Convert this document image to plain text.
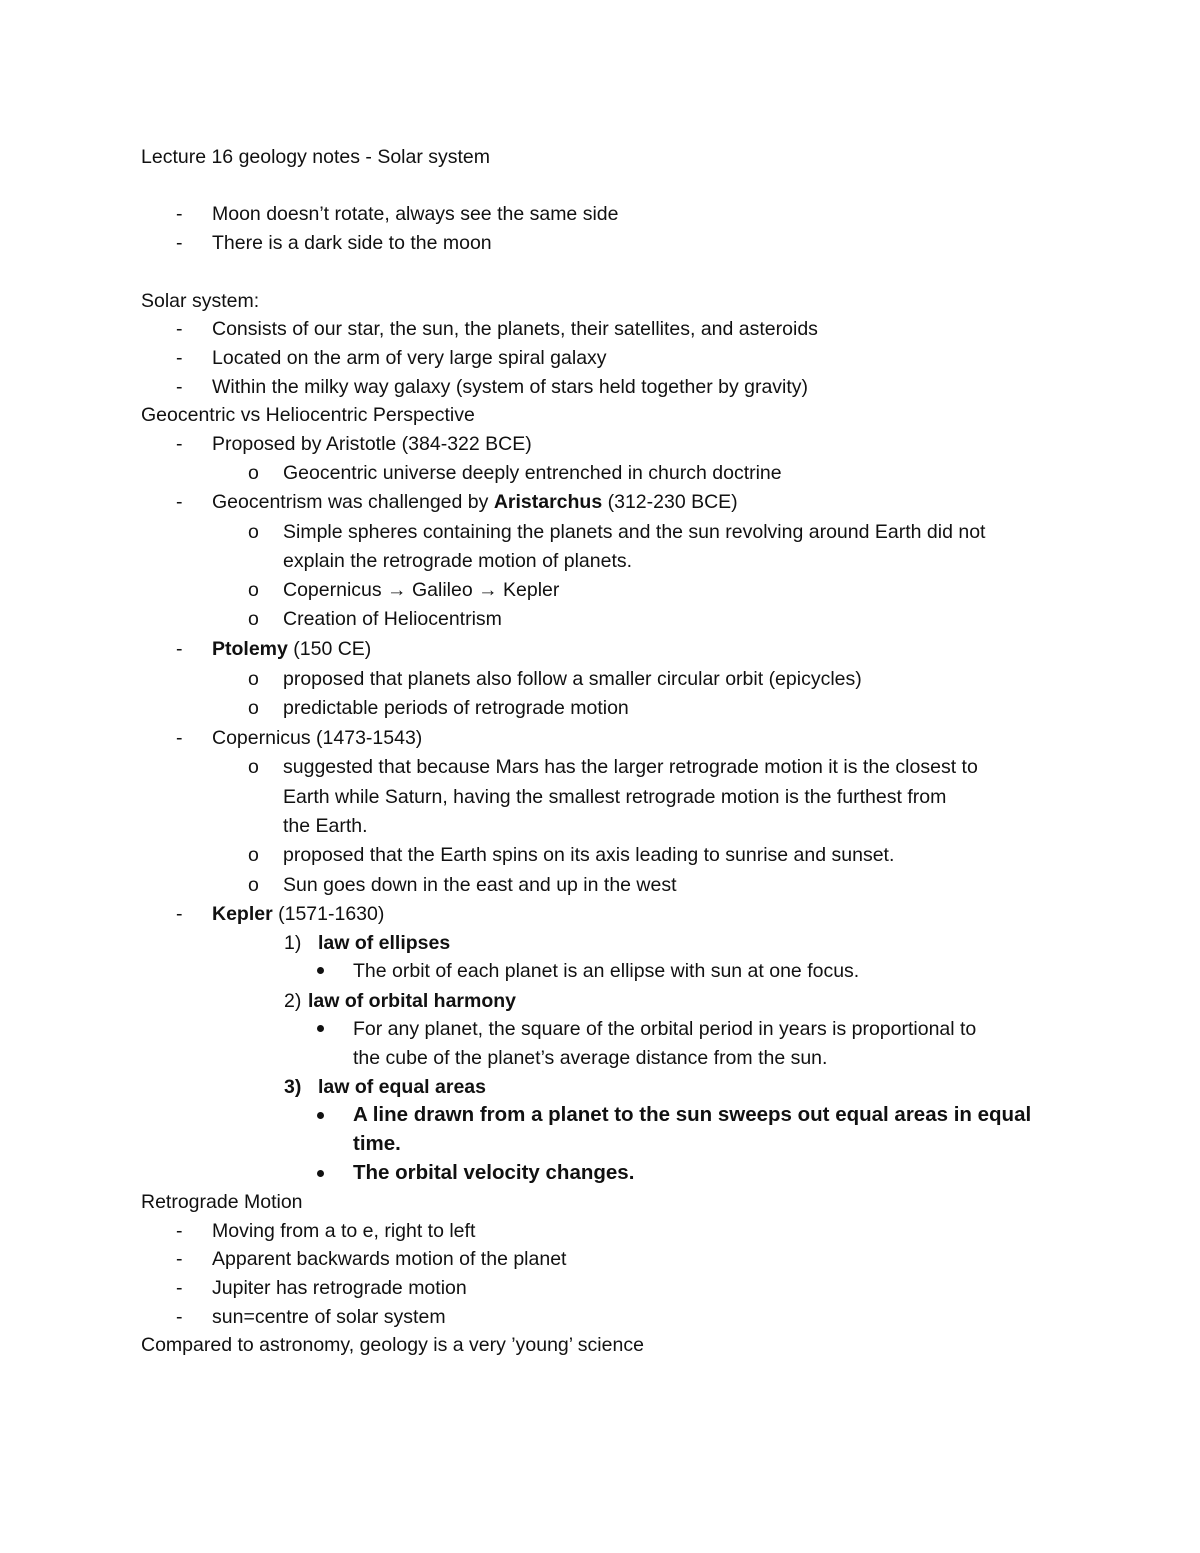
Lecture 16 geology notes - Solar system
- Moon doesn’t rotate, always see the same side
- There is a dark side to the moon
Solar system:
- Consists of our star, the sun, the planets, their satellites, and asteroids
- Located on the arm of very large spiral galaxy
- Within the milky way galaxy (system of stars held together by gravity)
Geocentric vs Heliocentric Perspective
- Proposed by Aristotle (384-322 BCE)
o Geocentric universe deeply entrenched in church doctrine
- Geocentrism was challenged by Aristarchus (312-230 BCE)
o Simple spheres containing the planets and the sun revolving around Earth did not
explain the retrograde motion of planets.
o Copernicus → Galileo → Kepler
o Creation of Heliocentrism
- Ptolemy (150 CE)
o proposed that planets also follow a smaller circular orbit (epicycles)
o predictable periods of retrograde motion
- Copernicus (1473-1543)
o suggested that because Mars has the larger retrograde motion it is the closest to
Earth while Saturn, having the smallest retrograde motion is the furthest from
the Earth.
o proposed that the Earth spins on its axis leading to sunrise and sunset.
o Sun goes down in the east and up in the west
- Kepler (1571-1630)
1) law of ellipses
The orbit of each planet is an ellipse with sun at one focus.
2) law of orbital harmony
For any planet, the square of the orbital period in years is proportional to
the cube of the planet’s average distance from the sun.
3) law of equal areas
A line drawn from a planet to the sun sweeps out equal areas in equal
time.
The orbital velocity changes.
Retrograde Motion
- Moving from a to e, right to left
- Apparent backwards motion of the planet
- Jupiter has retrograde motion
- sun=centre of solar system
Compared to astronomy, geology is a very ’young’ science
